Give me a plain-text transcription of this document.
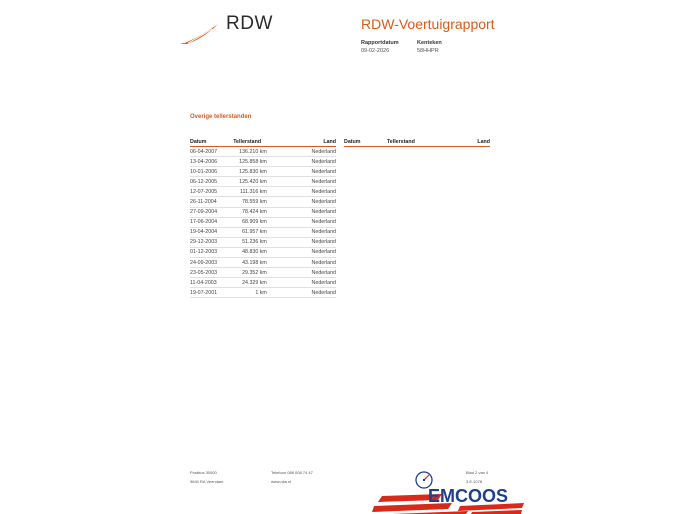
RDW	RDW-Voertuigrapport
Rapportdatum
09-02-2026
Kenteken
58HHPR
Overige tellerstanden
Datum	Tellerstand	Land
06-04-2007	136.210 km	Nederland
13-04-2006	125.858 km	Nederland
10-01-2006	125.830 km	Nederland
06-12-2005	125.420 km	Nederland
12-07-2005	111.316 km	Nederland
26-11-2004	78.559 km	Nederland
27-09-2004	78.424 km	Nederland
17-06-2004	68.909 km	Nederland
19-04-2004	61.957 km	Nederland
29-12-2003	51.236 km	Nederland
01-12-2003	48.830 km	Nederland
24-09-2003	43.198 km	Nederland
23-05-2003	29.352 km	Nederland
11-04-2003	24.329 km	Nederland
19-07-2001	1 km	Nederland
Datum	Tellerstand	Land
Postbus 30000
9640 RA Veendam
Telefoon 088 008 74 47
www.rdw.nl
Blad 2 van 4
3.E.1078
EMCOOS
